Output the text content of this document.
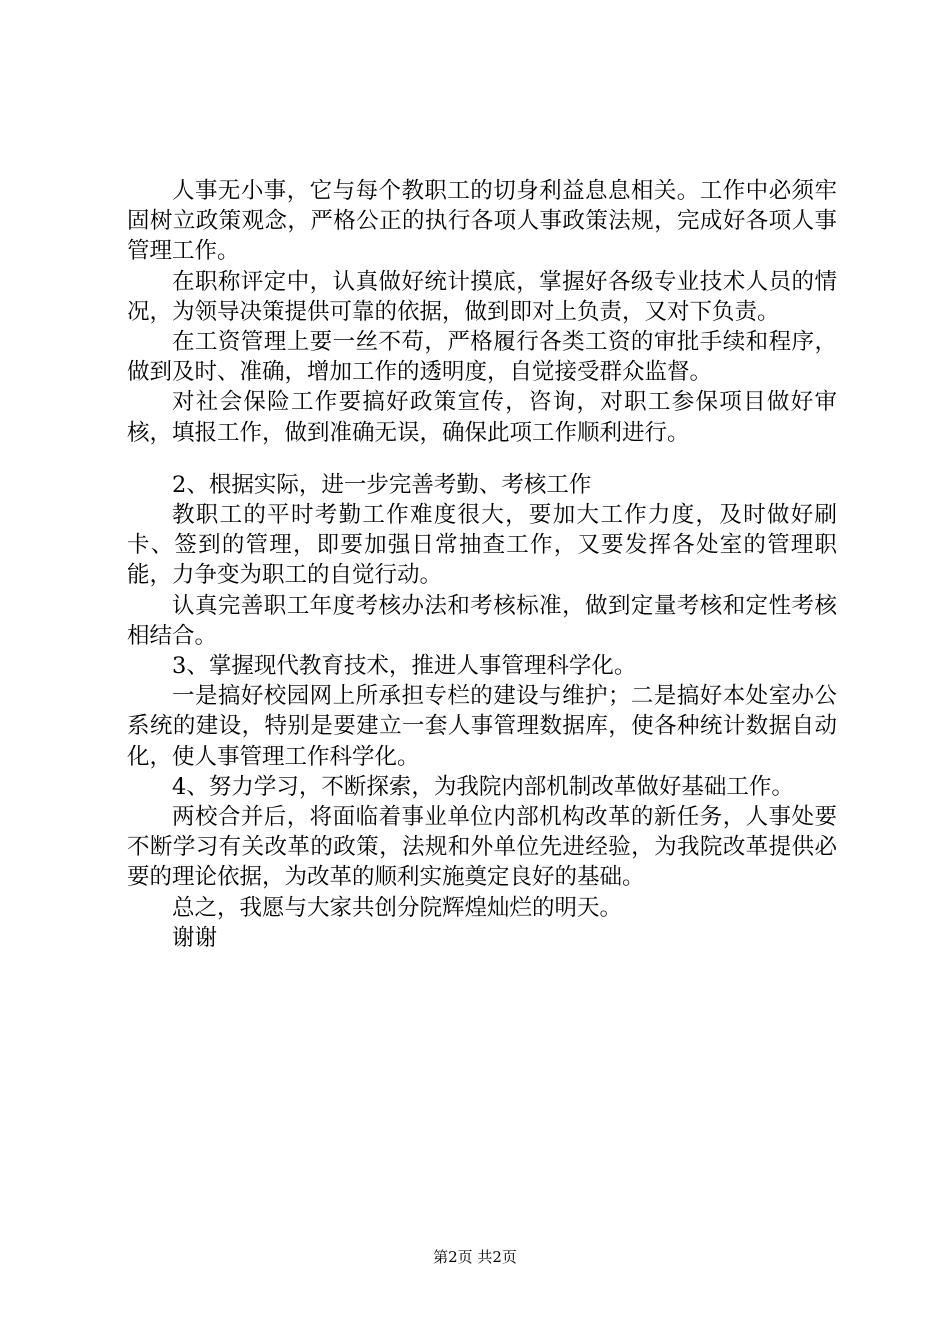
人事无小事，它与每个教职工的切身利益息息相关。工作中必须牢固树立政策观念，严格公正的执行各项人事政策法规，完成好各项人事管理工作。

在职称评定中，认真做好统计摸底，掌握好各级专业技术人员的情况，为领导决策提供可靠的依据，做到即对上负责，又对下负责。

在工资管理上要一丝不苟，严格履行各类工资的审批手续和程序，做到及时、准确，增加工作的透明度，自觉接受群众监督。

对社会保险工作要搞好政策宣传，咨询，对职工参保项目做好审核，填报工作，做到准确无误，确保此项工作顺利进行。

2、根据实际，进一步完善考勤、考核工作

教职工的平时考勤工作难度很大，要加大工作力度，及时做好刷卡、签到的管理，即要加强日常抽查工作，又要发挥各处室的管理职能，力争变为职工的自觉行动。

认真完善职工年度考核办法和考核标准，做到定量考核和定性考核相结合。

3、掌握现代教育技术，推进人事管理科学化。

一是搞好校园网上所承担专栏的建设与维护；二是搞好本处室办公系统的建设，特别是要建立一套人事管理数据库，使各种统计数据自动化，使人事管理工作科学化。

4、努力学习，不断探索，为我院内部机制改革做好基础工作。

两校合并后，将面临着事业单位内部机构改革的新任务，人事处要不断学习有关改革的政策，法规和外单位先进经验，为我院改革提供必要的理论依据，为改革的顺利实施奠定良好的基础。

总之，我愿与大家共创分院辉煌灿烂的明天。

谢谢

第2页 共2页
